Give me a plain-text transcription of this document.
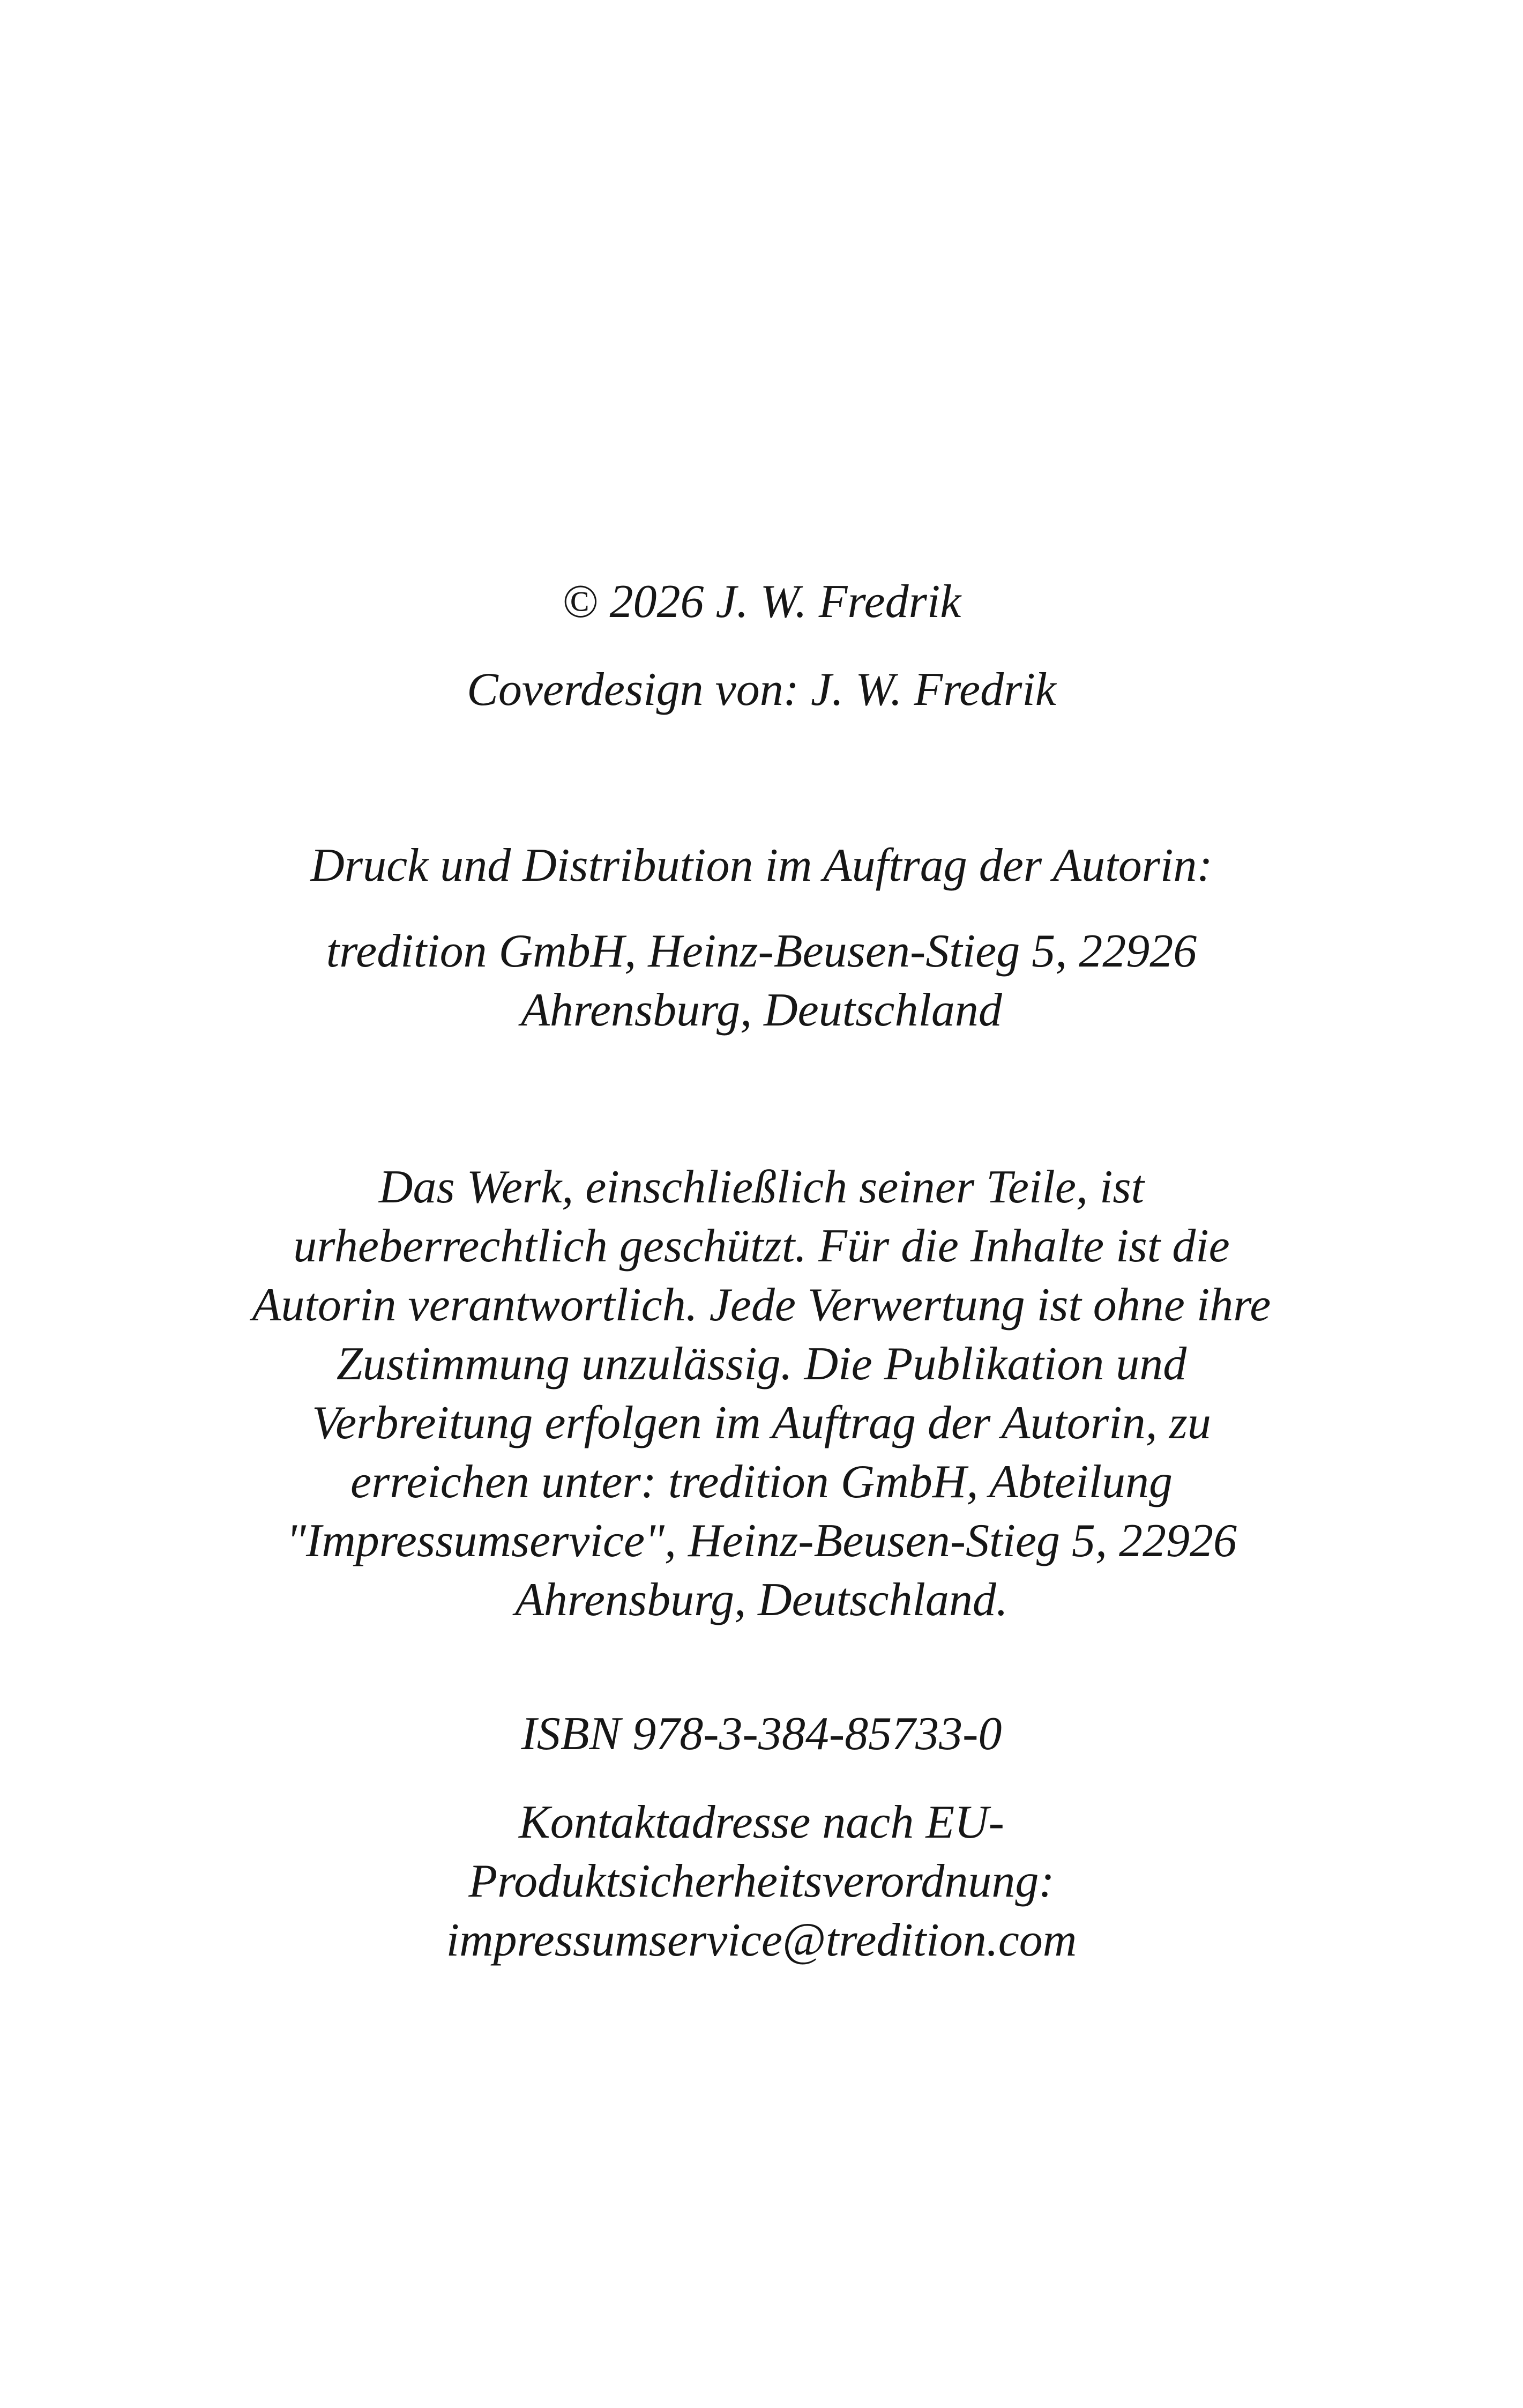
© 2026 J. W. Fredrik

Coverdesign von: J. W. Fredrik

Druck und Distribution im Auftrag der Autorin:

tredition GmbH, Heinz-Beusen-Stieg 5, 22926
Ahrensburg, Deutschland

Das Werk, einschließlich seiner Teile, ist
urheberrechtlich geschützt. Für die Inhalte ist die
Autorin verantwortlich. Jede Verwertung ist ohne ihre
Zustimmung unzulässig. Die Publikation und
Verbreitung erfolgen im Auftrag der Autorin, zu
erreichen unter: tredition GmbH, Abteilung
"Impressumservice", Heinz-Beusen-Stieg 5, 22926
Ahrensburg, Deutschland.

ISBN 978-3-384-85733-0

Kontaktadresse nach EU-
Produktsicherheitsverordnung:
impressumservice@tredition.com
